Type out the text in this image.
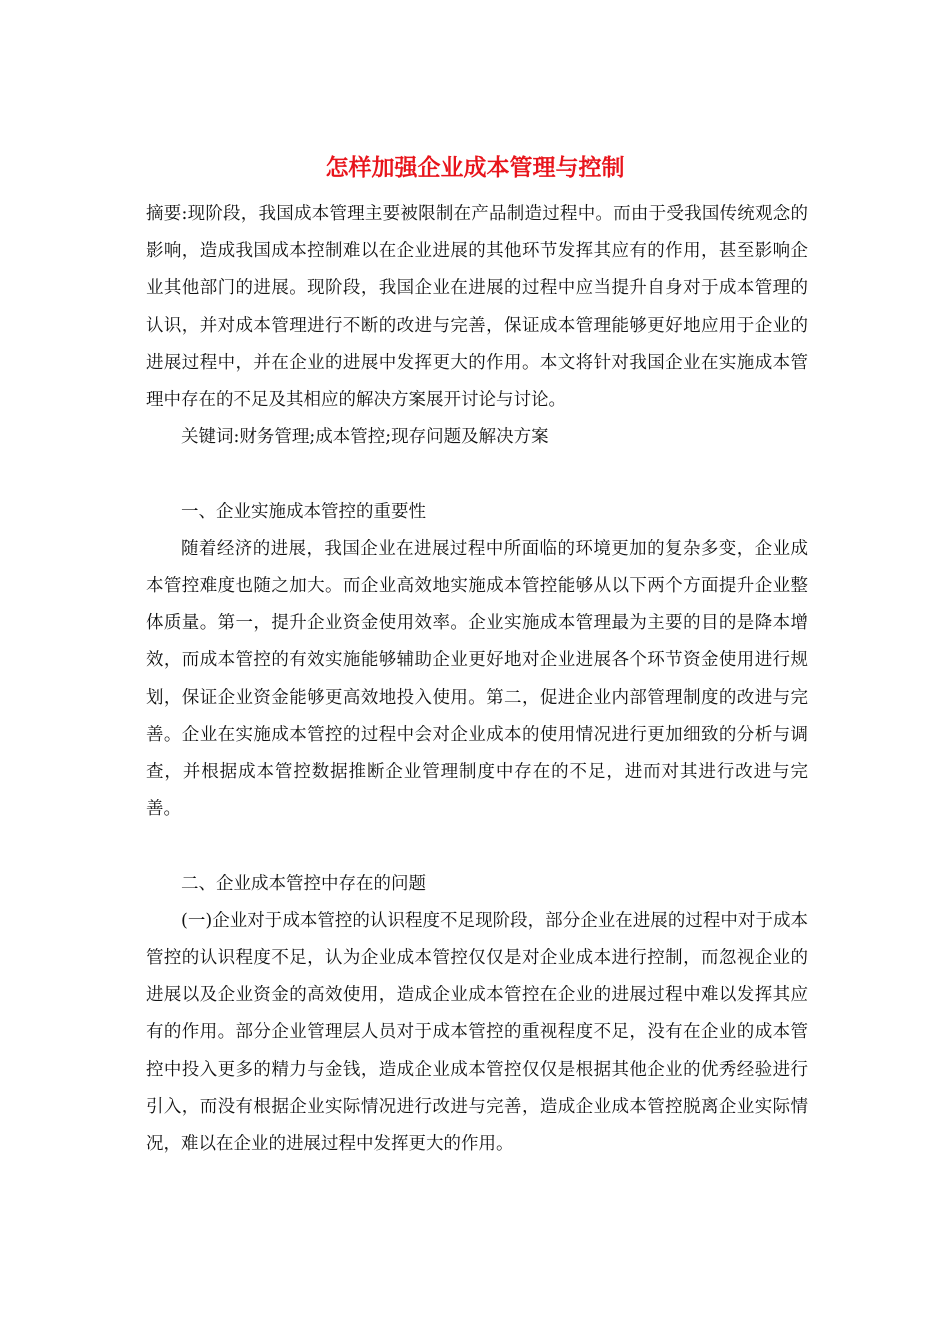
怎样加强企业成本管理与控制

摘要:现阶段，我国成本管理主要被限制在产品制造过程中。而由于受我国传统观念的影响，造成我国成本控制难以在企业进展的其他环节发挥其应有的作用，甚至影响企业其他部门的进展。现阶段，我国企业在进展的过程中应当提升自身对于成本管理的认识，并对成本管理进行不断的改进与完善，保证成本管理能够更好地应用于企业的进展过程中，并在企业的进展中发挥更大的作用。本文将针对我国企业在实施成本管理中存在的不足及其相应的解决方案展开讨论与讨论。

关键词:财务管理;成本管控;现存问题及解决方案

一、企业实施成本管控的重要性

随着经济的进展，我国企业在进展过程中所面临的环境更加的复杂多变，企业成本管控难度也随之加大。而企业高效地实施成本管控能够从以下两个方面提升企业整体质量。第一，提升企业资金使用效率。企业实施成本管理最为主要的目的是降本增效，而成本管控的有效实施能够辅助企业更好地对企业进展各个环节资金使用进行规划，保证企业资金能够更高效地投入使用。第二，促进企业内部管理制度的改进与完善。企业在实施成本管控的过程中会对企业成本的使用情况进行更加细致的分析与调查，并根据成本管控数据推断企业管理制度中存在的不足，进而对其进行改进与完善。

二、企业成本管控中存在的问题

(一)企业对于成本管控的认识程度不足现阶段，部分企业在进展的过程中对于成本管控的认识程度不足，认为企业成本管控仅仅是对企业成本进行控制，而忽视企业的进展以及企业资金的高效使用，造成企业成本管控在企业的进展过程中难以发挥其应有的作用。部分企业管理层人员对于成本管控的重视程度不足，没有在企业的成本管控中投入更多的精力与金钱，造成企业成本管控仅仅是根据其他企业的优秀经验进行引入，而没有根据企业实际情况进行改进与完善，造成企业成本管控脱离企业实际情况，难以在企业的进展过程中发挥更大的作用。
